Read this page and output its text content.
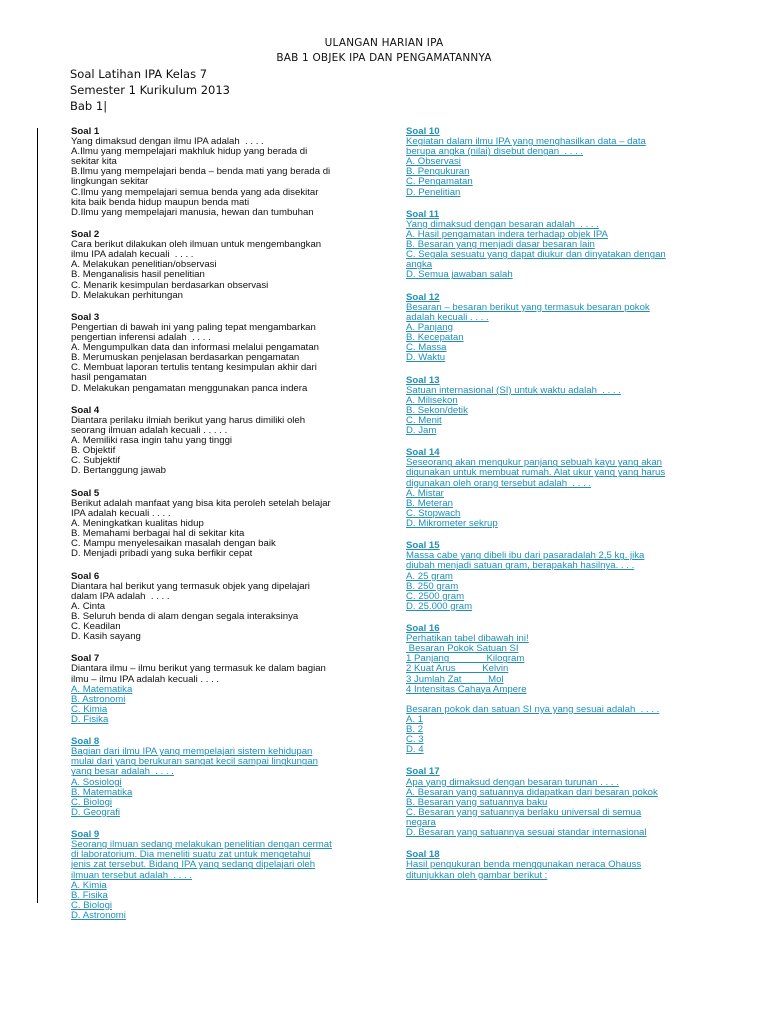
ULANGAN HARIAN IPA
BAB 1 OBJEK IPA DAN PENGAMATANNYA
Soal Latihan IPA Kelas 7
Semester 1 Kurikulum 2013
Bab 1|
Soal 1
Yang dimaksud dengan ilmu IPA adalah  . . . .
A.Ilmu yang mempelajari makhluk hidup yang berada di
sekitar kita
B.Ilmu yang mempelajari benda – benda mati yang berada di
lingkungan sekitar
C.Ilmu yang mempelajari semua benda yang ada disekitar
kita baik benda hidup maupun benda mati
D.Ilmu yang mempelajari manusia, hewan dan tumbuhan
Soal 2
Cara berikut dilakukan oleh ilmuan untuk mengembangkan
ilmu IPA adalah kecuali  . . . .
A. Melakukan penelitian/observasi
B. Menganalisis hasil penelitian
C. Menarik kesimpulan berdasarkan observasi
D. Melakukan perhitungan
Soal 3
Pengertian di bawah ini yang paling tepat mengambarkan
pengertian inferensi adalah  . . . .
A. Mengumpulkan data dan informasi melalui pengamatan
B. Merumuskan penjelasan berdasarkan pengamatan
C. Membuat laporan tertulis tentang kesimpulan akhir dari
hasil pengamatan
D. Melakukan pengamatan menggunakan panca indera
Soal 4
Diantara perilaku ilmiah berikut yang harus dimiliki oleh
seorang ilmuan adalah kecuali . . . . .
A. Memiliki rasa ingin tahu yang tinggi
B. Objektif
C. Subjektif
D. Bertanggung jawab
Soal 5
Berikut adalah manfaat yang bisa kita peroleh setelah belajar
IPA adalah kecuali . . . .
A. Meningkatkan kualitas hidup
B. Memahami berbagai hal di sekitar kita
C. Mampu menyelesaikan masalah dengan baik
D. Menjadi pribadi yang suka berfikir cepat
Soal 6
Diantara hal berikut yang termasuk objek yang dipelajari
dalam IPA adalah  . . . .
A. Cinta
B. Seluruh benda di alam dengan segala interaksinya
C. Keadilan
D. Kasih sayang
Soal 7
Diantara ilmu – ilmu berikut yang termasuk ke dalam bagian
ilmu – ilmu IPA adalah kecuali . . . .
A. Matematika
B. Astronomi
C. Kimia
D. Fisika
Soal 8
Bagian dari ilmu IPA yang mempelajari sistem kehidupan
mulai dari yang berukuran sangat kecil sampai lingkungan
yang besar adalah  . . . .
A. Sosiologi
B. Matematika
C. Biologi
D. Geografi
Soal 9
Seorang ilmuan sedang melakukan penelitian dengan cermat
di laboratorium. Dia meneliti suatu zat untuk mengetahui
jenis zat tersebut. Bidang IPA yang sedang dipelajari oleh
ilmuan tersebut adalah  . . . .
A. Kimia
B. Fisika
C. Biologi
D. Astronomi
Soal 10
Kegiatan dalam ilmu IPA yang menghasilkan data – data
berupa angka (nilai) disebut dengan  . . . .
A. Observasi
B. Pengukuran
C. Pengamatan
D. Penelitian
Soal 11
Yang dimaksud dengan besaran adalah  . . . .
A. Hasil pengamatan indera terhadap objek IPA
B. Besaran yang menjadi dasar besaran lain
C. Segala sesuatu yang dapat diukur dan dinyatakan dengan
angka
D. Semua jawaban salah
Soal 12
Besaran – besaran berikut yang termasuk besaran pokok
adalah kecuali . . . .
A. Panjang
B. Kecepatan
C. Massa
D. Waktu
Soal 13
Satuan internasional (SI) untuk waktu adalah  . . . .
A. Milisekon
B. Sekon/detik
C. Menit
D. Jam
Soal 14
Seseorang akan mengukur panjang sebuah kayu yang akan
digunakan untuk membuat rumah. Alat ukur yang yang harus
digunakan oleh orang tersebut adalah  . . . .
A. Mistar
B. Meteran
C. Stopwach
D. Mikrometer sekrup
Soal 15
Massa cabe yang dibeli ibu dari pasaradalah 2,5 kg. jika
diubah menjadi satuan gram, berapakah hasilnya. . . .
A. 25 gram
B. 250 gram
C. 2500 gram
D. 25.000 gram
Soal 16
Perhatikan tabel dibawah ini!
Besaran Pokok Satuan SI
1 Panjang              Kilogram
2 Kuat Arus          Kelvin
3 Jumlah Zat          Mol
4 Intensitas Cahaya Ampere
Besaran pokok dan satuan SI nya yang sesuai adalah  . . . .
A. 1
B. 2
C. 3
D. 4
Soal 17
Apa yang dimaksud dengan besaran turunan . . . .
A. Besaran yang satuannya didapatkan dari besaran pokok
B. Besaran yang satuannya baku
C. Besaran yang satuannya berlaku universal di semua
negara
D. Besaran yang satuannya sesuai standar internasional
Soal 18
Hasil pengukuran benda menggunakan neraca Ohauss
ditunjukkan oleh gambar berikut :
